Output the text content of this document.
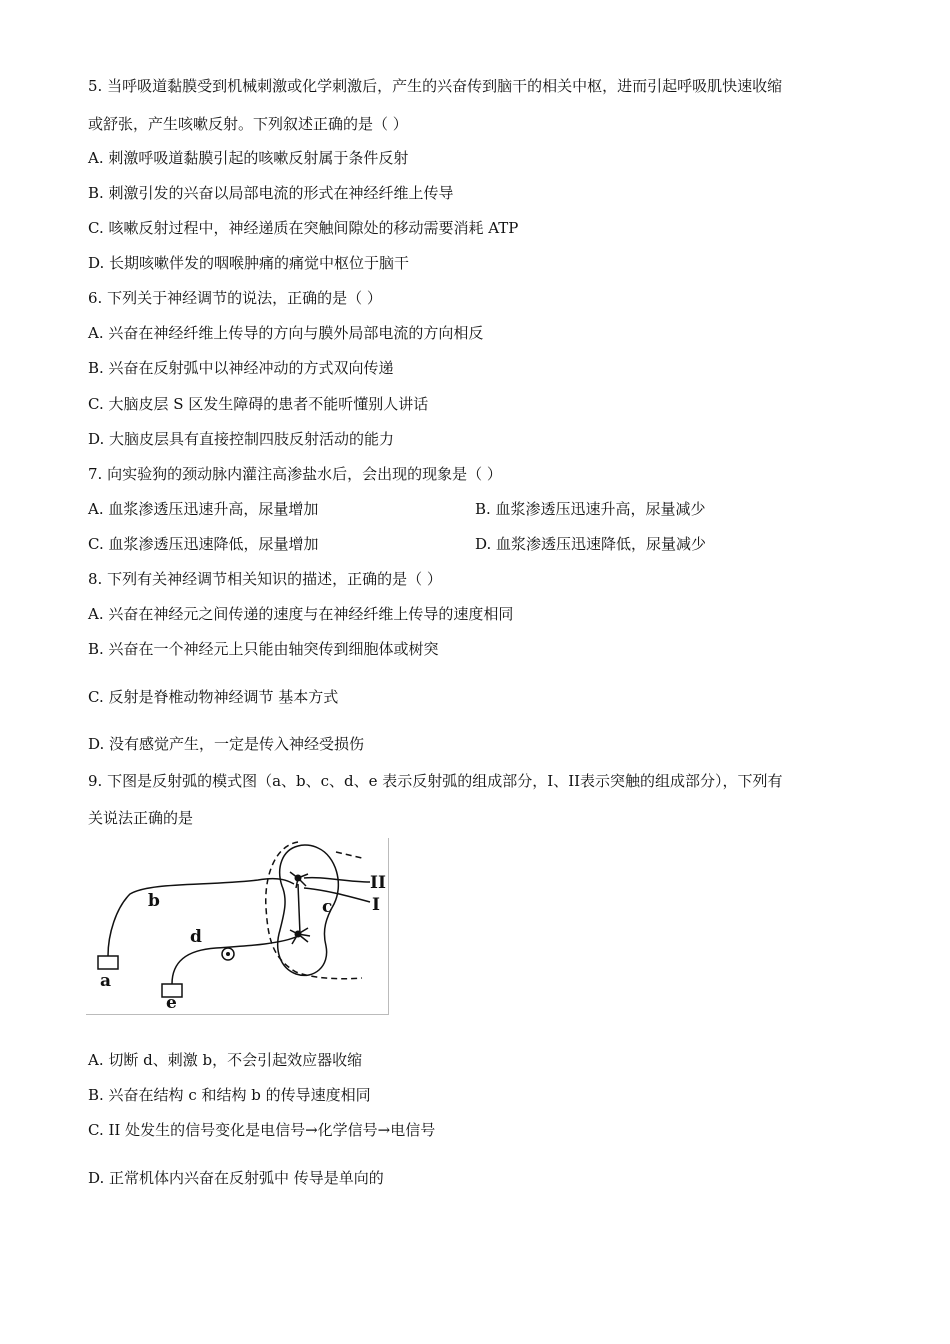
5. 当呼吸道黏膜受到机械刺激或化学刺激后，产生的兴奋传到脑干的相关中枢，进而引起呼吸肌快速收缩
或舒张，产生咳嗽反射。下列叙述正确的是（ ）
A. 刺激呼吸道黏膜引起的咳嗽反射属于条件反射
B. 刺激引发的兴奋以局部电流的形式在神经纤维上传导
C. 咳嗽反射过程中，神经递质在突触间隙处的移动需要消耗 ATP
D. 长期咳嗽伴发的咽喉肿痛的痛觉中枢位于脑干
6. 下列关于神经调节的说法，正确的是（ ）
A. 兴奋在神经纤维上传导的方向与膜外局部电流的方向相反
B. 兴奋在反射弧中以神经冲动的方式双向传递
C. 大脑皮层 S 区发生障碍的患者不能听懂别人讲话
D. 大脑皮层具有直接控制四肢反射活动的能力
7. 向实验狗的颈动脉内灌注高渗盐水后，会出现的现象是（ ）
A. 血浆渗透压迅速升高，尿量增加	B. 血浆渗透压迅速升高，尿量减少
C. 血浆渗透压迅速降低，尿量增加	D. 血浆渗透压迅速降低，尿量减少
8. 下列有关神经调节相关知识的描述，正确的是（ ）
A. 兴奋在神经元之间传递的速度与在神经纤维上传导的速度相同
B. 兴奋在一个神经元上只能由轴突传到细胞体或树突
C. 反射是脊椎动物神经调节 基本方式
D. 没有感觉产生，一定是传入神经受损伤
9. 下图是反射弧的模式图（a、b、c、d、e 表示反射弧的组成部分，I、II表示突触的组成部分），下列有
关说法正确的是
a
b	c
d
e
II
I
A. 切断 d、刺激 b，不会引起效应器收缩
B. 兴奋在结构 c 和结构 b 的传导速度相同
C. II 处发生的信号变化是电信号→化学信号→电信号
D. 正常机体内兴奋在反射弧中 传导是单向的
